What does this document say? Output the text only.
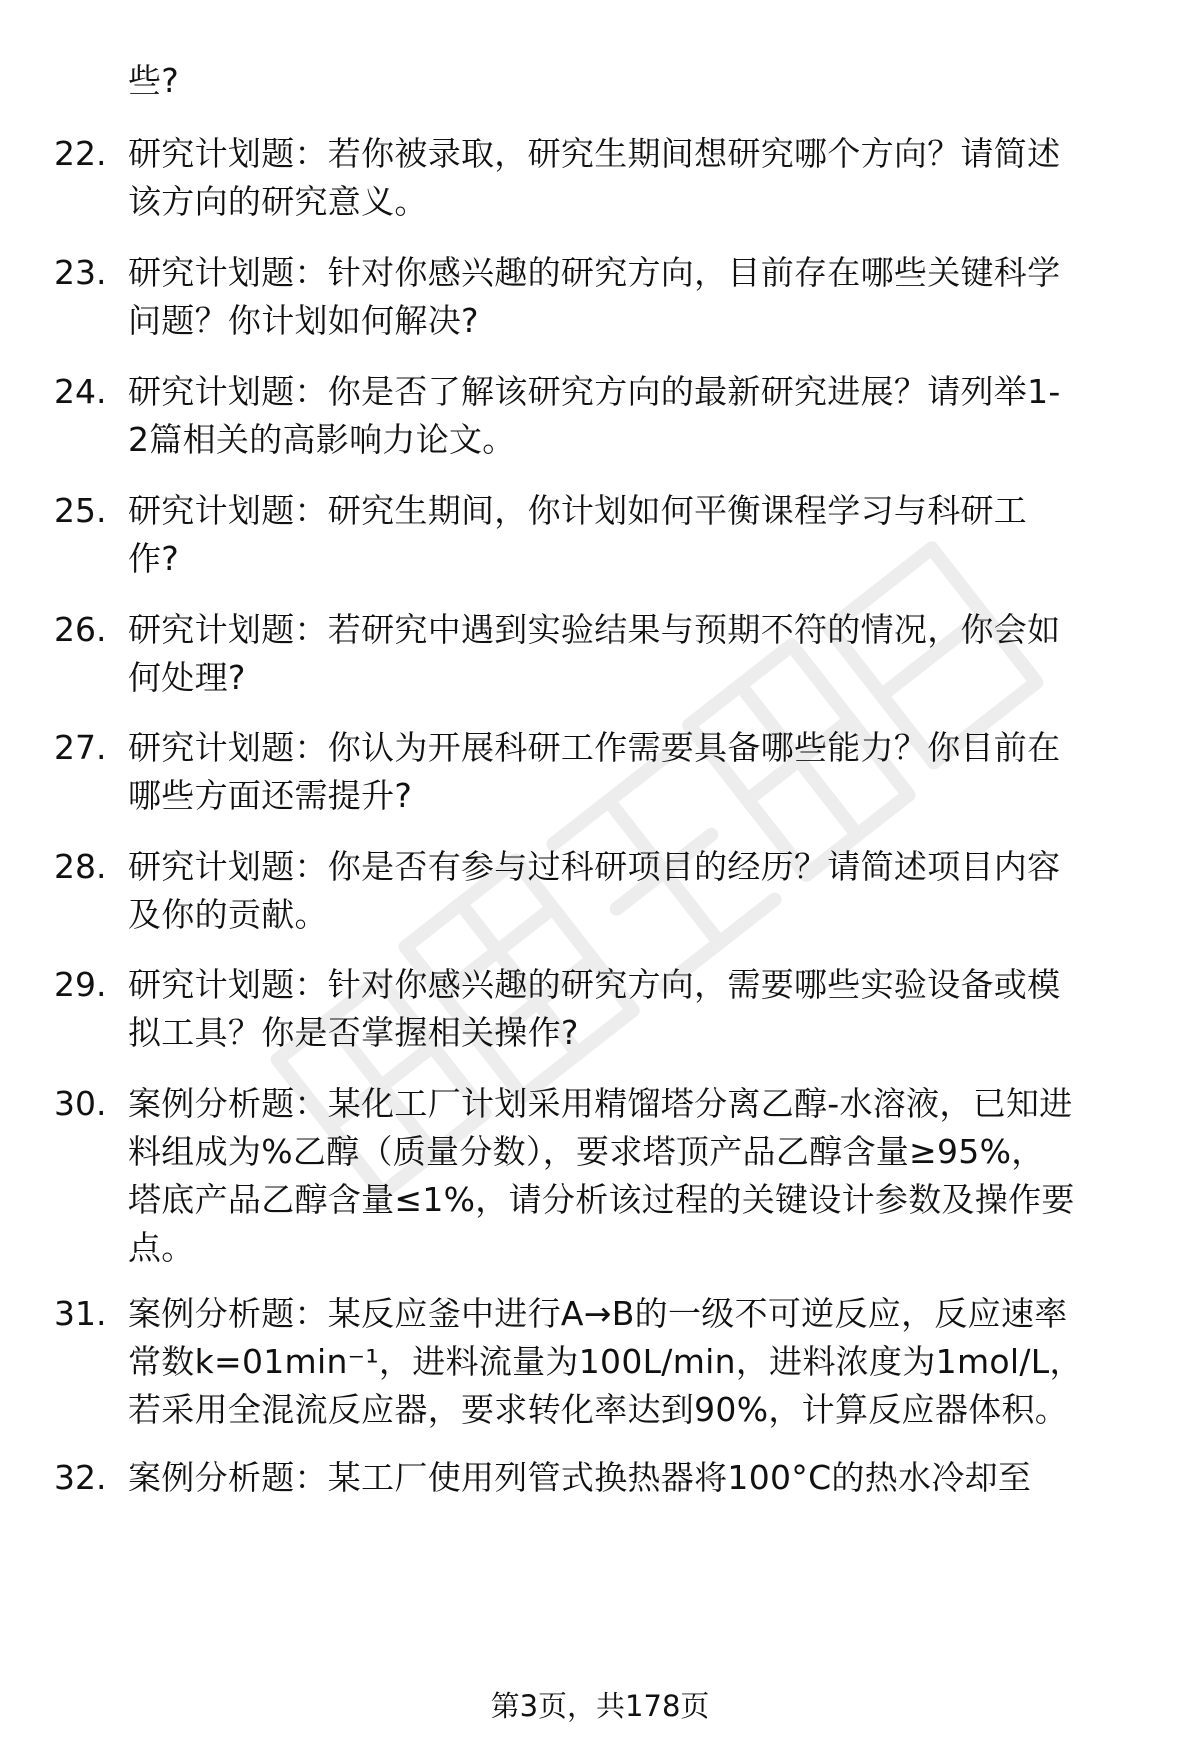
些?
22. 研究计划题：若你被录取，研究生期间想研究哪个方向？请简述
该方向的研究意义。
23. 研究计划题：针对你感兴趣的研究方向，目前存在哪些关键科学
问题？你计划如何解决?
24. 研究计划题：你是否了解该研究方向的最新研究进展？请列举1-
2篇相关的高影响力论文。
25. 研究计划题：研究生期间，你计划如何平衡课程学习与科研工
作?
26. 研究计划题：若研究中遇到实验结果与预期不符的情况，你会如
何处理?
27. 研究计划题：你认为开展科研工作需要具备哪些能力？你目前在
哪些方面还需提升?
28. 研究计划题：你是否有参与过科研项目的经历？请简述项目内容
及你的贡献。
29. 研究计划题：针对你感兴趣的研究方向，需要哪些实验设备或模
拟工具？你是否掌握相关操作?
30. 案例分析题：某化工厂计划采用精馏塔分离乙醇-水溶液，已知进
料组成为%乙醇（质量分数），要求塔顶产品乙醇含量≥95%，
塔底产品乙醇含量≤1%，请分析该过程的关键设计参数及操作要
点。
31. 案例分析题：某反应釜中进行A→B的一级不可逆反应，反应速率
常数k=01min⁻¹，进料流量为100L/min，进料浓度为1mol/L，
若采用全混流反应器，要求转化率达到90%，计算反应器体积。
32. 案例分析题：某工厂使用列管式换热器将100°C的热水冷却至
第3页，共178页
